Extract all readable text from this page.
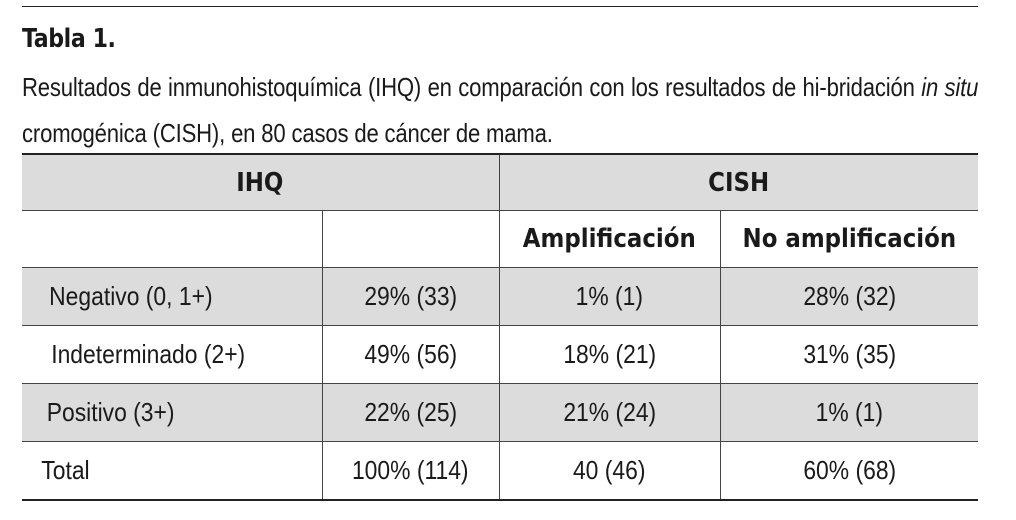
Tabla 1.
Resultados de inmunohistoquímica (IHQ) en comparación con los resultados de hi-bridación in situ cromogénica (CISH), en 80 casos de cáncer de mama.
IHQ		CISH	
		Amplificación	No amplificación
Negativo (0, 1+)	29% (33)	1% (1)	28% (32)
Indeterminado (2+)	49% (56)	18% (21)	31% (35)
Positivo (3+)	22% (25)	21% (24)	1% (1)
Total	100% (114)	40 (46)	60% (68)
